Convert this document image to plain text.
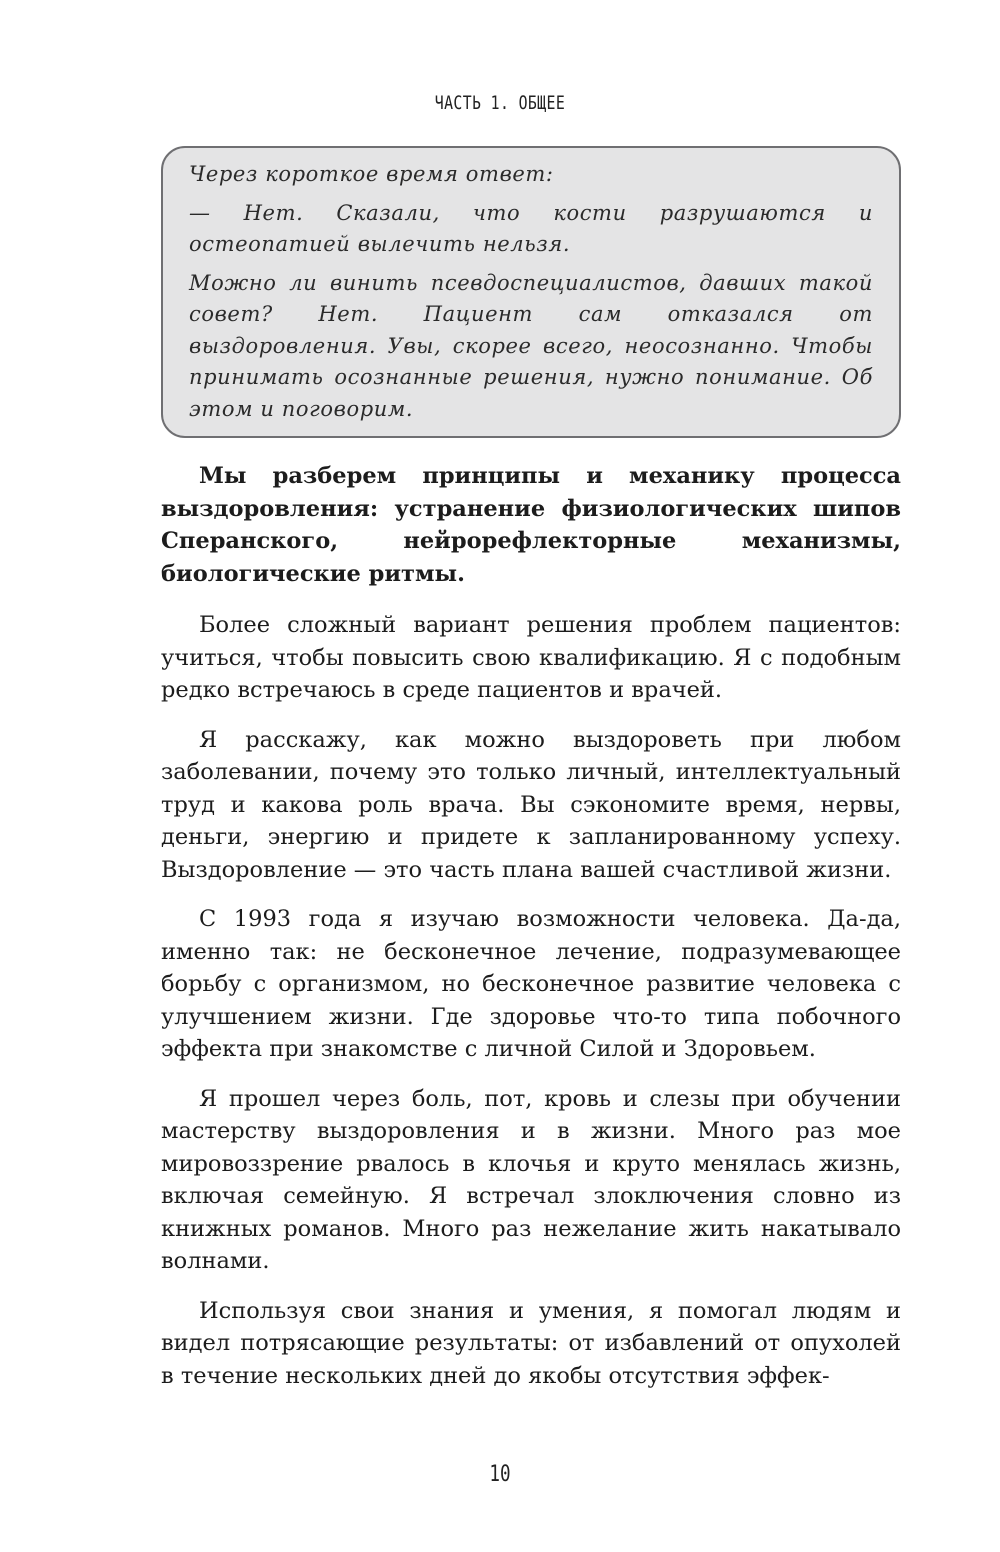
ЧАСТЬ 1. ОБЩЕЕ

Через короткое время ответ:

— Нет. Сказали, что кости разрушаются и остеопатией вылечить нельзя.

Можно ли винить псевдоспециалистов, давших такой совет? Нет. Пациент сам отказался от выздоровления. Увы, скорее всего, неосознанно. Чтобы принимать осознанные решения, нужно понимание. Об этом и поговорим.

Мы разберем принципы и механику процесса выздоровления: устранение физиологических шипов Сперанского, нейрорефлекторные механизмы, биологические ритмы.

Более сложный вариант решения проблем пациентов: учиться, чтобы повысить свою квалификацию. Я с подобным редко встречаюсь в среде пациентов и врачей.

Я расскажу, как можно выздороветь при любом заболевании, почему это только личный, интеллектуальный труд и какова роль врача. Вы сэкономите время, нервы, деньги, энергию и придете к запланированному успеху. Выздоровление — это часть плана вашей счастливой жизни.

С 1993 года я изучаю возможности человека. Да-да, именно так: не бесконечное лечение, подразумевающее борьбу с организмом, но бесконечное развитие человека с улучшением жизни. Где здоровье что-то типа побочного эффекта при знакомстве с личной Силой и Здоровьем.

Я прошел через боль, пот, кровь и слезы при обучении мастерству выздоровления и в жизни. Много раз мое мировоззрение рвалось в клочья и круто менялась жизнь, включая семейную. Я встречал злоключения словно из книжных романов. Много раз нежелание жить накатывало волнами.

Используя свои знания и умения, я помогал людям и видел потрясающие результаты: от избавлений от опухолей в течение нескольких дней до якобы отсутствия эффек-

10
